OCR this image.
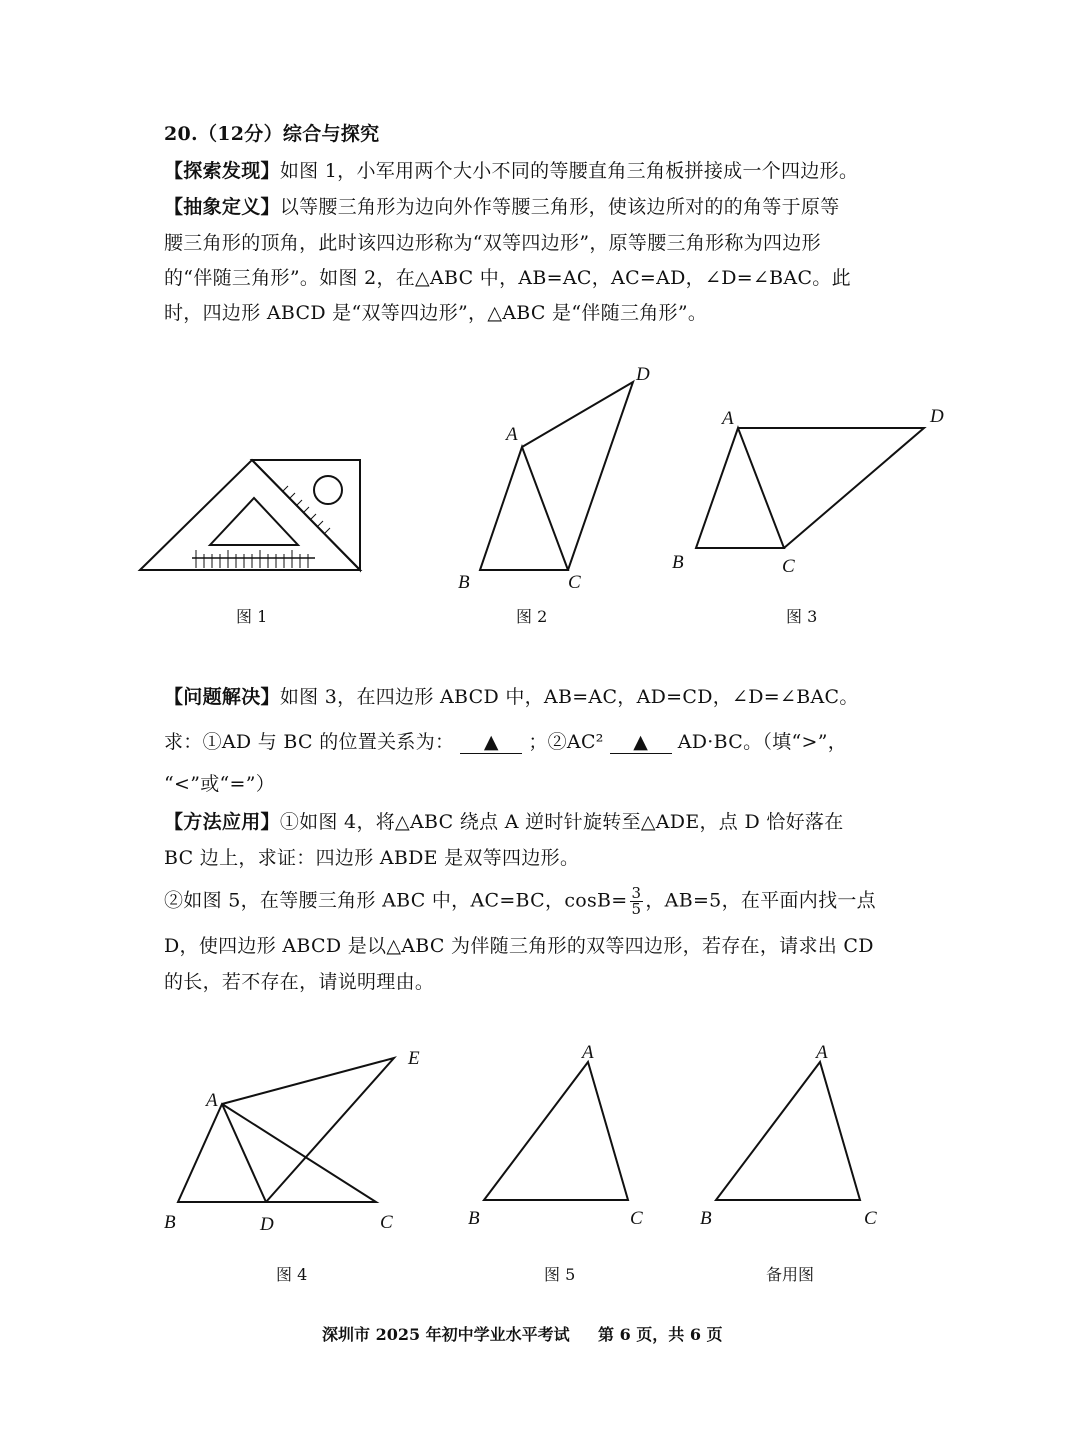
20.（12分）综合与探究
【探索发现】如图 1，小军用两个大小不同的等腰直角三角板拼接成一个四边形。
【抽象定义】以等腰三角形为边向外作等腰三角形，使该边所对的的角等于原等
腰三角形的顶角，此时该四边形称为“双等四边形”，原等腰三角形称为四边形
的“伴随三角形”。如图 2，在△ABC 中，AB=AC，AC=AD，∠D=∠BAC。此
时，四边形 ABCD 是“双等四边形”，△ABC 是“伴随三角形”。
图 1
A
B	C
D
图 2
A
B	C
D
图 3
【问题解决】如图 3，在四边形 ABCD 中，AB=AC，AD=CD，∠D=∠BAC。
求：①AD 与 BC 的位置关系为： ▲ ；②AC² ▲ AD·BC。（填“>”，
“<”或“=”）
【方法应用】①如图 4，将△ABC 绕点 A 逆时针旋转至△ADE，点 D 恰好落在
BC 边上，求证：四边形 ABDE 是双等四边形。
②如图 5，在等腰三角形 ABC 中，AC=BC，$\cos B= \frac{3}{5}$ ，AB=5，在平面内找一点
D，使四边形 ABCD 是以△ABC 为伴随三角形的双等四边形，若存在，请求出 CD
的长，若不存在，请说明理由。
A
B	D	C
E
图 4
A
B	C
图 5
A
B	C
备用图
深圳市 2025 年初中学业水平考试 第 6 页，共 6 页
